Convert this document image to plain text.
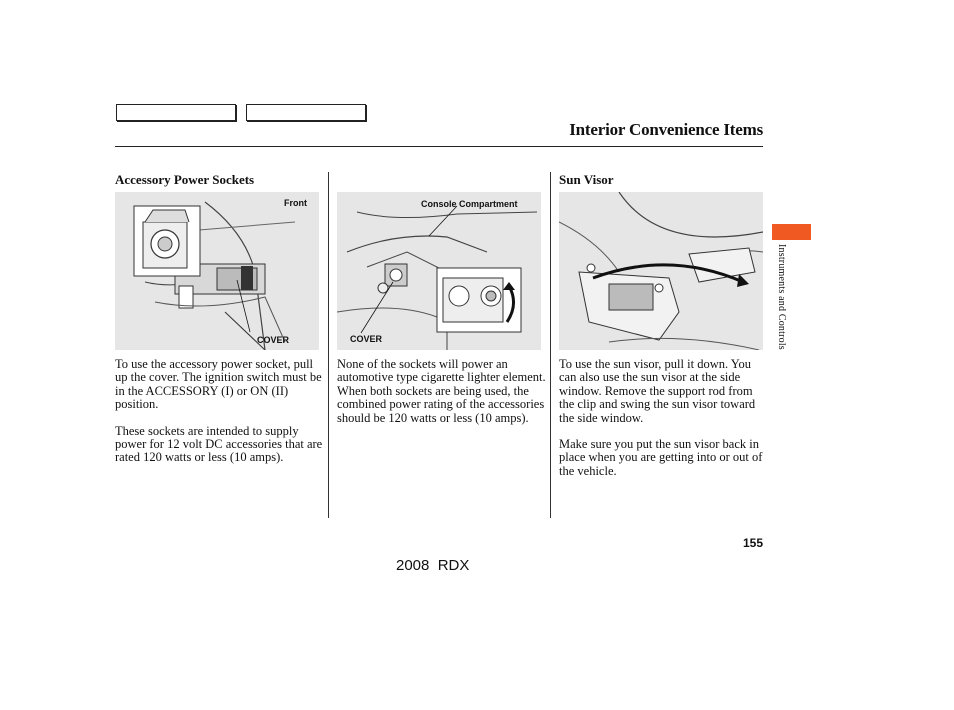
Interior Convenience Items
Accessory Power Sockets
Front
COVER

To use the accessory power socket, pull up the cover. The ignition switch must be in the ACCESSORY (I) or ON (II) position.

These sockets are intended to supply power for 12 volt DC accessories that are rated 120 watts or less (10 amps).

Console Compartment
COVER

None of the sockets will power an automotive type cigarette lighter element. When both sockets are being used, the combined power rating of the accessories should be 120 watts or less (10 amps).

Sun Visor

To use the sun visor, pull it down. You can also use the sun visor at the side window. Remove the support rod from the clip and swing the sun visor toward the side window.

Make sure you put the sun visor back in place when you are getting into or out of the vehicle.

Instruments and Controls
155
2008  RDX
